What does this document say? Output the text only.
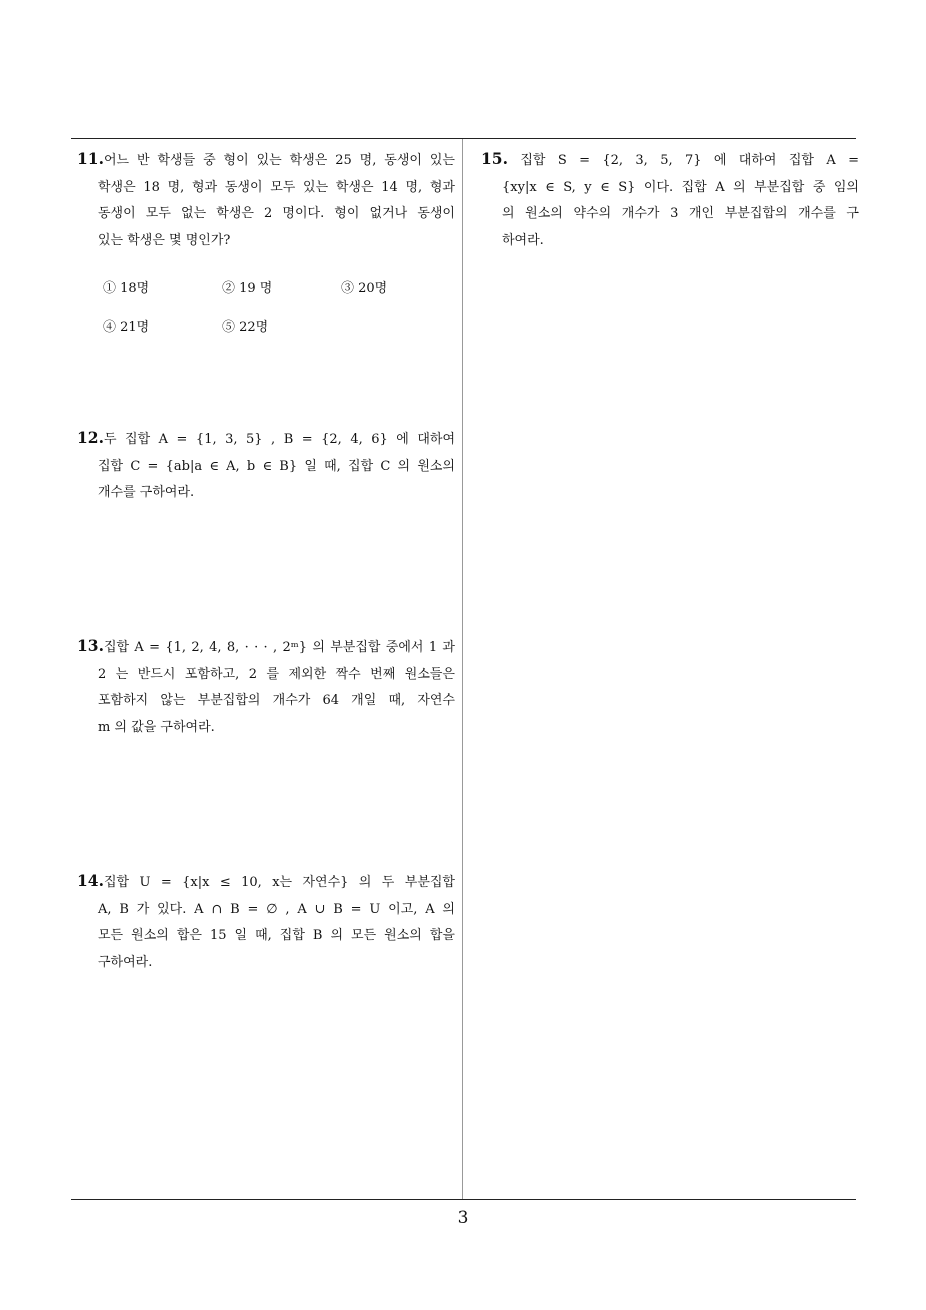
11.어느 반 학생들 중 형이 있는 학생은 25 명, 동생이 있는
학생은 18 명, 형과 동생이 모두 있는 학생은 14 명, 형과
동생이 모두 없는 학생은 2 명이다. 형이 없거나 동생이
있는 학생은 몇 명인가?
① 18명	② 19 명	③ 20명
④ 21명	⑤ 22명
12.두 집합 A = {1, 3, 5} , B = {2, 4, 6} 에 대하여
집합 C = {ab|a ∈ A, b ∈ B} 일 때, 집합 C 의 원소의
개수를 구하여라.
13.집합 A = {1, 2, 4, 8, · · · , 2ᵐ} 의 부분집합 중에서 1 과
2 는 반드시 포함하고, 2 를 제외한 짝수 번째 원소들은
포함하지 않는 부분집합의 개수가 64 개일 때, 자연수
m 의 값을 구하여라.
14.집합 U = {x|x ≤ 10, x는 자연수} 의 두 부분집합
A, B 가 있다. A ∩ B = ∅ , A ∪ B = U 이고, A 의
모든 원소의 합은 15 일 때, 집합 B 의 모든 원소의 합을
구하여라.
15. 집합 S = {2, 3, 5, 7} 에 대하여 집합 A =
{xy|x ∈ S, y ∈ S} 이다. 집합 A 의 부분집합 중 임의
의 원소의 약수의 개수가 3 개인 부분집합의 개수를 구
하여라.
3
